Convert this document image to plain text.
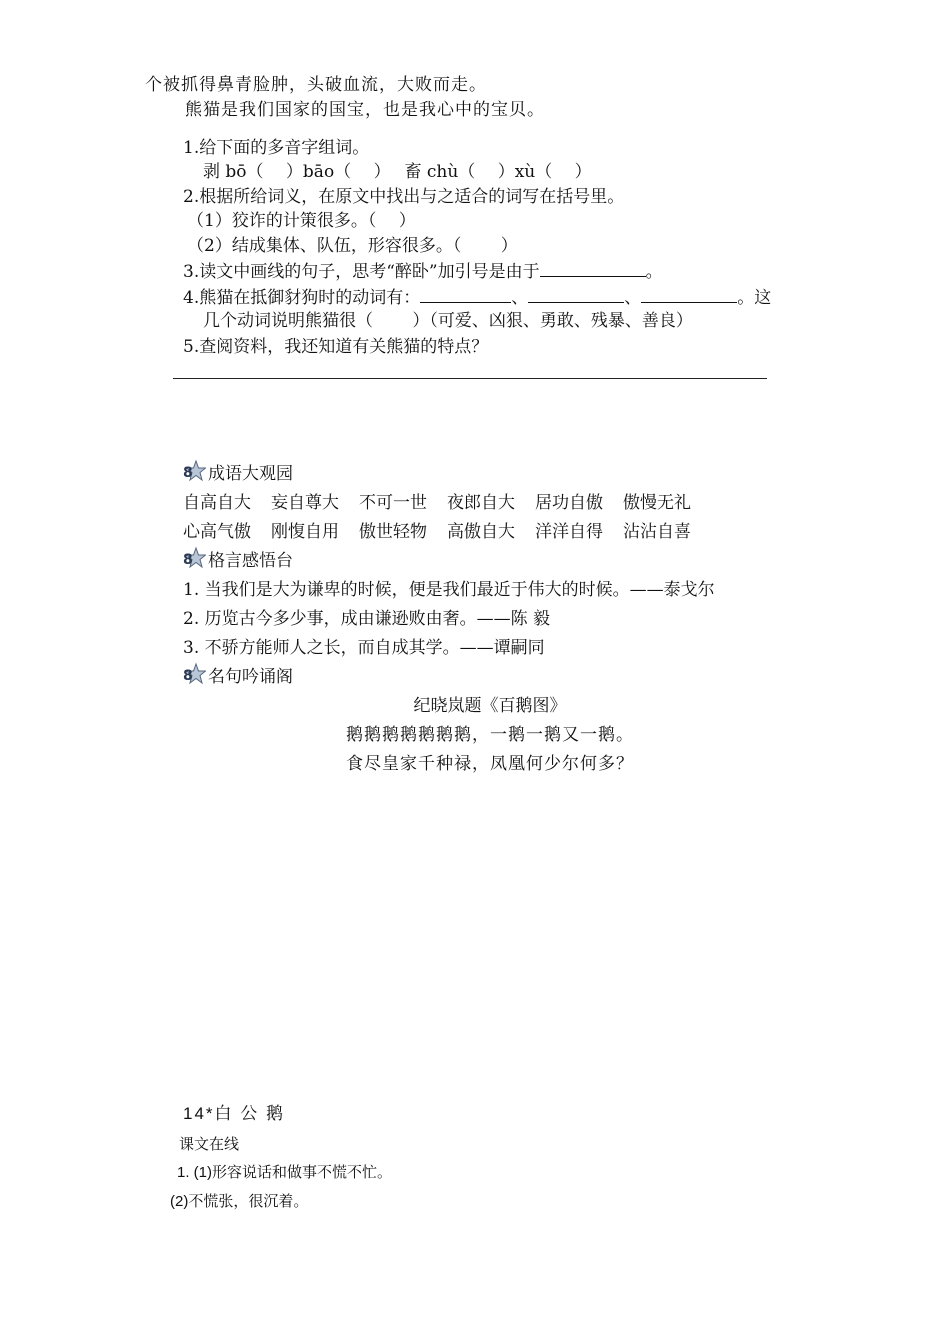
个被抓得鼻青脸肿，头破血流，大败而走。
熊猫是我们国家的国宝，也是我心中的宝贝。
1.给下面的多音字组词。
剥 bō（　 ）bāo（　 ）　 畜 chù（　 ）xù（　 ）
2.根据所给词义，在原文中找出与之适合的词写在括号里。
（1）狡诈的计策很多。（　 ）
（2）结成集体、队伍，形容很多。（　　 ）
3.读文中画线的句子，思考“醉卧”加引号是由于	。
4.熊猫在抵御豺狗时的动词有：	、	、	。这
几个动词说明熊猫很（　　 ）（可爱、凶狠、勇敢、残暴、善良）
5.查阅资料，我还知道有关熊猫的特点？
8 成语大观园
自高自大 妄自尊大 不可一世 夜郎自大 居功自傲 傲慢无礼
心高气傲 刚愎自用 傲世轻物 高傲自大 洋洋自得 沾沾自喜
8 格言感悟台
1. 当我们是大为谦卑的时候，便是我们最近于伟大的时候。——泰戈尔
2. 历览古今多少事，成由谦逊败由奢。——陈 毅
3. 不骄方能师人之长，而自成其学。——谭嗣同
8 名句吟诵阁
纪晓岚题《百鹅图》
鹅鹅鹅鹅鹅鹅鹅，一鹅一鹅又一鹅。
食尽皇家千种禄，凤凰何少尔何多？
14*白 公 鹅
课文在线
1. (1)形容说话和做事不慌不忙。
(2)不慌张，很沉着。
